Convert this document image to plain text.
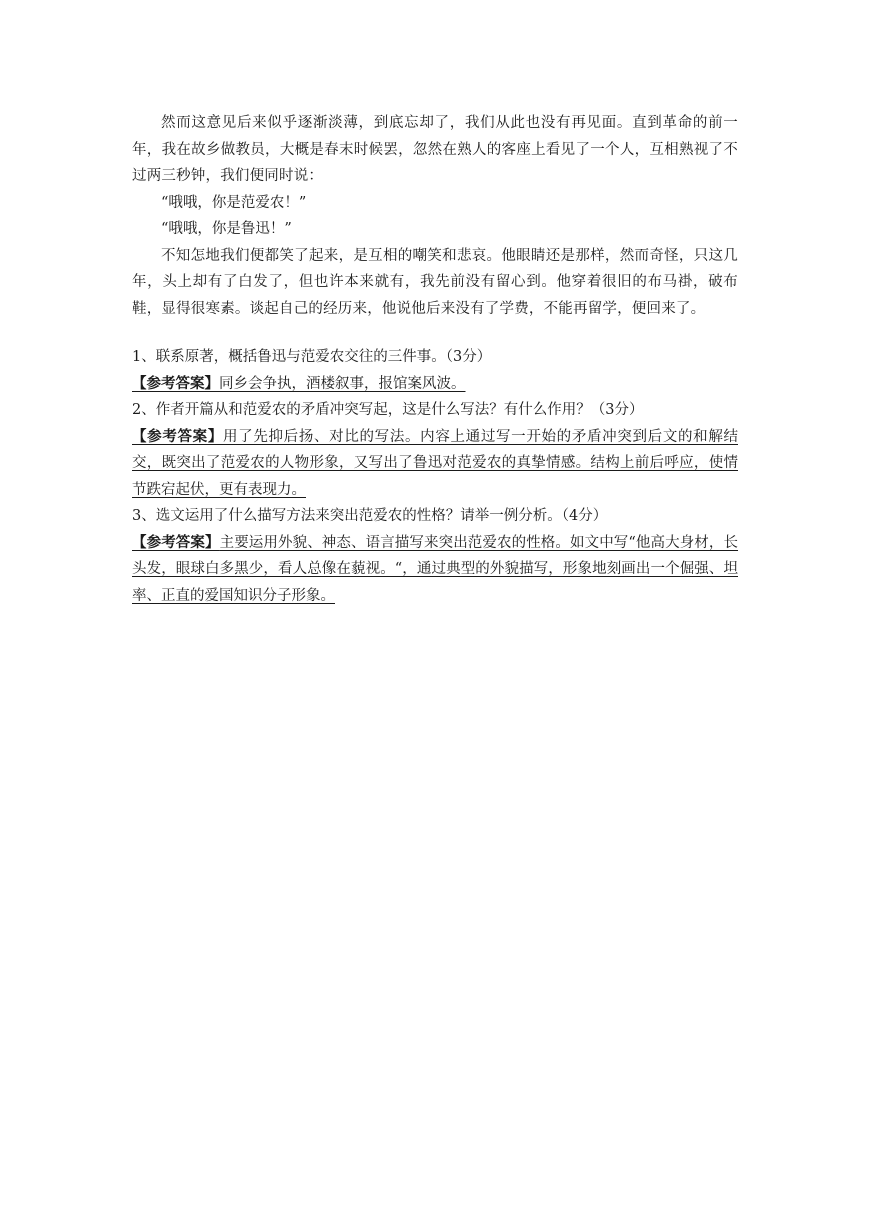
然而这意见后来似乎逐渐淡薄，到底忘却了，我们从此也没有再见面。直到革命的前一年，我在故乡做教员，大概是春末时候罢，忽然在熟人的客座上看见了一个人，互相熟视了不过两三秒钟，我们便同时说：

“哦哦，你是范爱农！”

“哦哦，你是鲁迅！”

不知怎地我们便都笑了起来，是互相的嘲笑和悲哀。他眼睛还是那样，然而奇怪，只这几年，头上却有了白发了，但也许本来就有，我先前没有留心到。他穿着很旧的布马褂，破布鞋，显得很寒素。谈起自己的经历来，他说他后来没有了学费，不能再留学，便回来了。

1、联系原著，概括鲁迅与范爱农交往的三件事。（3分）

【参考答案】同乡会争执，酒楼叙事，报馆案风波。

2、作者开篇从和范爱农的矛盾冲突写起，这是什么写法？有什么作用？（3分）

【参考答案】用了先抑后扬、对比的写法。内容上通过写一开始的矛盾冲突到后文的和解结交，既突出了范爱农的人物形象，又写出了鲁迅对范爱农的真挚情感。结构上前后呼应，使情节跌宕起伏，更有表现力。

3、选文运用了什么描写方法来突出范爱农的性格？请举一例分析。（4分）

【参考答案】主要运用外貌、神态、语言描写来突出范爱农的性格。如文中写“他高大身材，长头发，眼球白多黑少，看人总像在藐视。“，通过典型的外貌描写，形象地刻画出一个倔强、坦率、正直的爱国知识分子形象。
